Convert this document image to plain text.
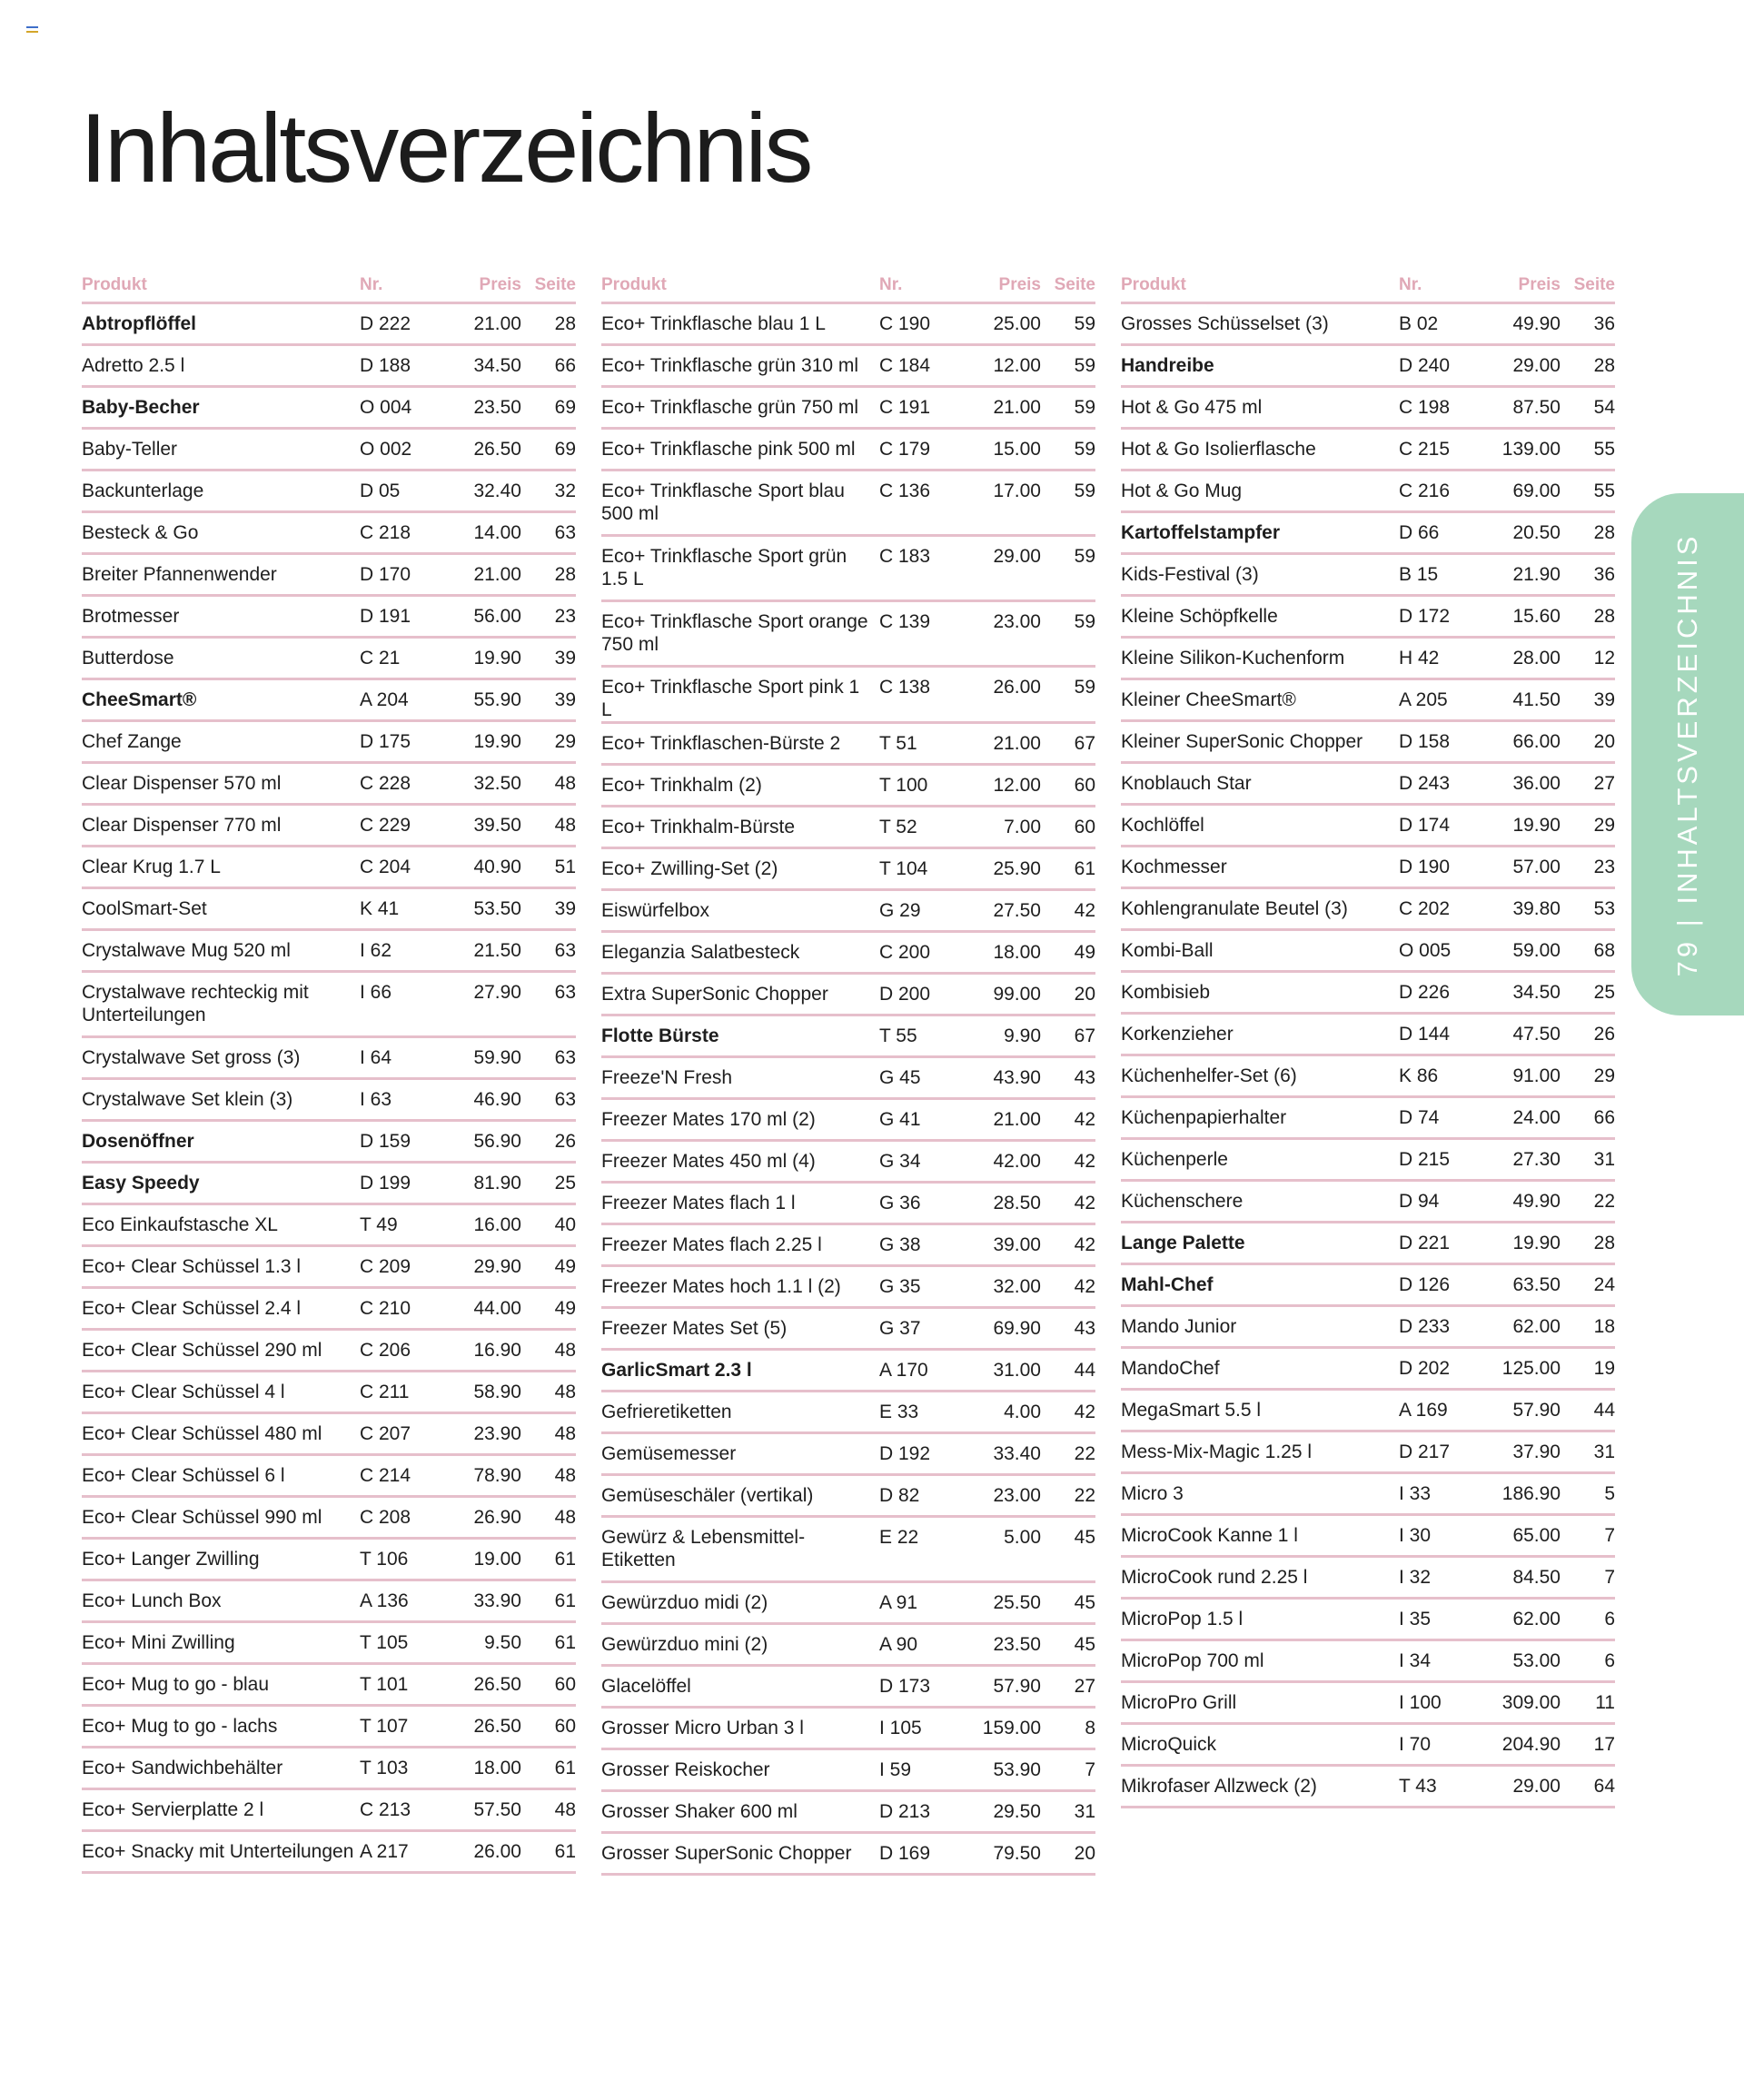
Inhaltsverzeichnis
Produkt	Nr.	Preis Seite
Abtropflöffel	D 222	21.00	28
Adretto 2.5 l	D 188	34.50	66
Baby-Becher	O 004	23.50	69
Baby-Teller	O 002	26.50	69
Backunterlage	D 05	32.40	32
Besteck & Go	C 218	14.00	63
Breiter Pfannenwender	D 170	21.00	28
Brotmesser	D 191	56.00	23
Butterdose	C 21	19.90	39
CheeSmart®	A 204	55.90	39
Chef Zange	D 175	19.90	29
Clear Dispenser 570 ml	C 228	32.50	48
Clear Dispenser 770 ml	C 229	39.50	48
Clear Krug 1.7 L	C 204	40.90	51
CoolSmart-Set	K 41	53.50	39
Crystalwave Mug 520 ml	I 62	21.50	63
Crystalwave rechteckig mit Unterteilungen
I 66	27.90	63
Crystalwave Set gross (3)	I 64	59.90	63
Crystalwave Set klein (3)	I 63	46.90	63
Dosenöffner	D 159	56.90	26
Easy Speedy	D 199	81.90	25
Eco Einkaufstasche XL	T 49	16.00	40
Eco+ Clear Schüssel 1.3 l	C 209	29.90	49
Eco+ Clear Schüssel 2.4 l	C 210	44.00	49
Eco+ Clear Schüssel 290 ml	C 206	16.90	48
Eco+ Clear Schüssel 4 l	C 211	58.90	48
Eco+ Clear Schüssel 480 ml	C 207	23.90	48
Eco+ Clear Schüssel 6 l	C 214	78.90	48
Eco+ Clear Schüssel 990 ml	C 208	26.90	48
Eco+ Langer Zwilling	T 106	19.00	61
Eco+ Lunch Box	A 136	33.90	61
Eco+ Mini Zwilling	T 105	9.50	61
Eco+ Mug to go - blau	T 101	26.50	60
Eco+ Mug to go - lachs	T 107	26.50	60
Eco+ Sandwichbehälter	T 103	18.00	61
Eco+ Servierplatte 2 l	C 213	57.50	48
Eco+ Snacky mit Unterteilungen A 217	26.00	61
Produkt	Nr.	Preis Seite
Eco+ Trinkflasche blau 1 L	C 190	25.00	59
Eco+ Trinkflasche grün 310 ml	C 184	12.00	59
Eco+ Trinkflasche grün 750 ml	C 191	21.00	59
Eco+ Trinkflasche pink 500 ml	C 179	15.00	59
Eco+ Trinkflasche Sport blau 500 ml
C 136	17.00	59
Eco+ Trinkflasche Sport grün 1.5 L
C 183	29.00	59
Eco+ Trinkflasche Sport orange 750 ml
C 139	23.00	59
Eco+ Trinkflasche Sport pink 1 L
C 138	26.00	59
Eco+ Trinkflaschen-Bürste 2	T 51	21.00	67
Eco+ Trinkhalm (2)	T 100	12.00	60
Eco+ Trinkhalm-Bürste	T 52	7.00	60
Eco+ Zwilling-Set (2)	T 104	25.90	61
Eiswürfelbox	G 29	27.50	42
Eleganzia Salatbesteck	C 200	18.00	49
Extra SuperSonic Chopper	D 200	99.00	20
Flotte Bürste	T 55	9.90	67
Freeze'N Fresh	G 45	43.90	43
Freezer Mates 170 ml (2)	G 41	21.00	42
Freezer Mates 450 ml (4)	G 34	42.00	42
Freezer Mates flach 1 l	G 36	28.50	42
Freezer Mates flach 2.25 l	G 38	39.00	42
Freezer Mates hoch 1.1 l (2)	G 35	32.00	42
Freezer Mates Set (5)	G 37	69.90	43
GarlicSmart 2.3 l	A 170	31.00	44
Gefrieretiketten	E 33	4.00	42
Gemüsemesser	D 192	33.40	22
Gemüseschäler (vertikal)	D 82	23.00	22
Gewürz & Lebensmittel-Etiketten
E 22	5.00	45
Gewürzduo midi (2)	A 91	25.50	45
Gewürzduo mini (2)	A 90	23.50	45
Glacelöffel	D 173	57.90	27
Grosser Micro Urban 3 l	I 105	159.00	8
Grosser Reiskocher	I 59	53.90	7
Grosser Shaker 600 ml	D 213	29.50	31
Grosser SuperSonic Chopper	D 169	79.50	20
Produkt	Nr.	Preis Seite
Grosses Schüsselset (3)	B 02	49.90	36
Handreibe	D 240	29.00	28
Hot & Go 475 ml	C 198	87.50	54
Hot & Go Isolierflasche	C 215	139.00	55
Hot & Go Mug	C 216	69.00	55
Kartoffelstampfer	D 66	20.50	28
Kids-Festival (3)	B 15	21.90	36
Kleine Schöpfkelle	D 172	15.60	28
Kleine Silikon-Kuchenform	H 42	28.00	12
Kleiner CheeSmart®	A 205	41.50	39
Kleiner SuperSonic Chopper	D 158	66.00	20
Knoblauch Star	D 243	36.00	27
Kochlöffel	D 174	19.90	29
Kochmesser	D 190	57.00	23
Kohlengranulate Beutel (3)	C 202	39.80	53
Kombi-Ball	O 005	59.00	68
Kombisieb	D 226	34.50	25
Korkenzieher	D 144	47.50	26
Küchenhelfer-Set (6)	K 86	91.00	29
Küchenpapierhalter	D 74	24.00	66
Küchenperle	D 215	27.30	31
Küchenschere	D 94	49.90	22
Lange Palette	D 221	19.90	28
Mahl-Chef	D 126	63.50	24
Mando Junior	D 233	62.00	18
MandoChef	D 202	125.00	19
MegaSmart 5.5 l	A 169	57.90	44
Mess-Mix-Magic 1.25 l	D 217	37.90	31
Micro 3	I 33	186.90	5
MicroCook Kanne 1 l	I 30	65.00	7
MicroCook rund 2.25 l	I 32	84.50	7
MicroPop 1.5 l	I 35	62.00	6
MicroPop 700 ml	I 34	53.00	6
MicroPro Grill	I 100	309.00	11
MicroQuick	I 70	204.90	17
Mikrofaser Allzweck (2)	T 43	29.00	64
79 | INHALTSVERZEICHNIS
